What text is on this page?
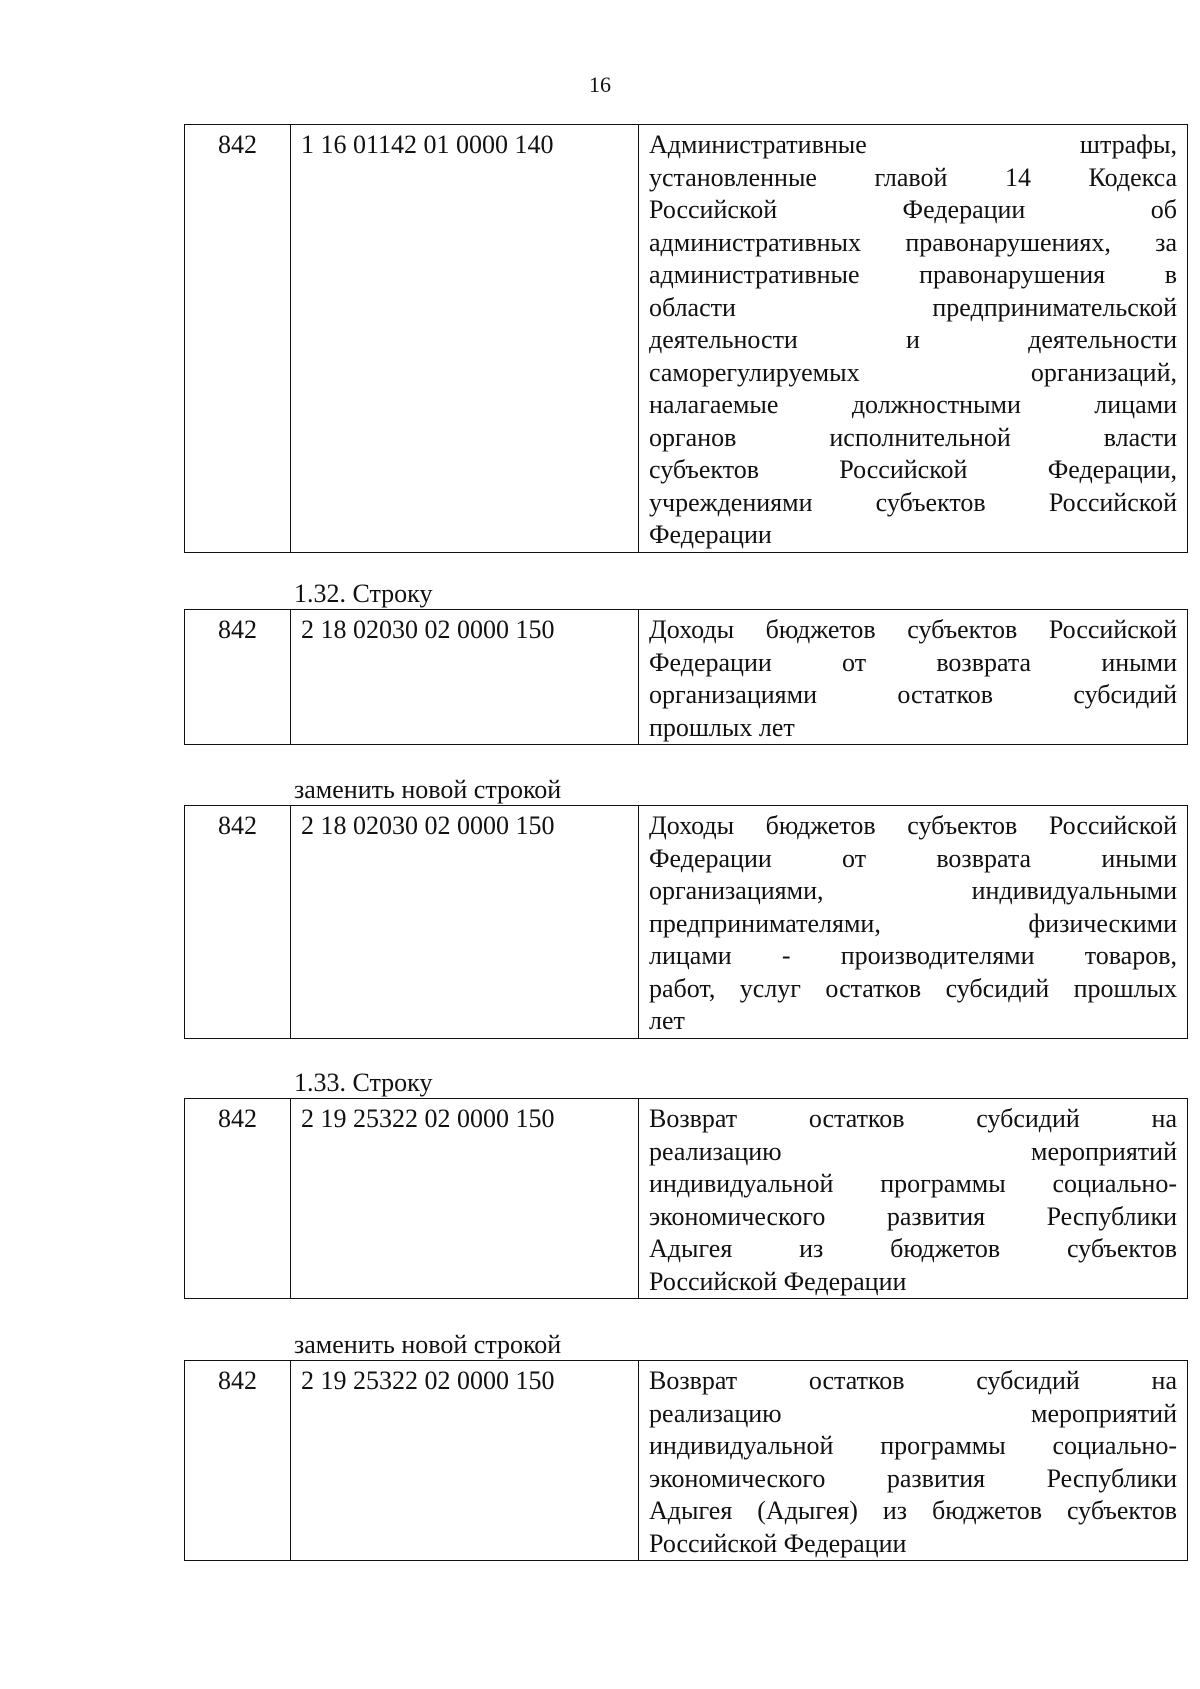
16
842	1 16 01142 01 0000 140	Административные штрафы,
установленные главой 14 Кодекса
Российской Федерации об
административных правонарушениях, за
административные правонарушения в
области предпринимательской
деятельности и деятельности
саморегулируемых организаций,
налагаемые должностными лицами
органов исполнительной власти
субъектов Российской Федерации,
учреждениями субъектов Российской
Федерации
1.32. Строку
842	2 18 02030 02 0000 150	Доходы бюджетов субъектов Российской
Федерации от возврата иными
организациями остатков субсидий
прошлых лет
заменить новой строкой
842	2 18 02030 02 0000 150	Доходы бюджетов субъектов Российской
Федерации от возврата иными
организациями, индивидуальными
предпринимателями, физическими
лицами - производителями товаров,
работ, услуг остатков субсидий прошлых
лет
1.33. Строку
842	2 19 25322 02 0000 150	Возврат остатков субсидий на
реализацию мероприятий
индивидуальной программы социально-
экономического развития Республики
Адыгея из бюджетов субъектов
Российской Федерации
заменить новой строкой
842	2 19 25322 02 0000 150	Возврат остатков субсидий на
реализацию мероприятий
индивидуальной программы социально-
экономического развития Республики
Адыгея (Адыгея) из бюджетов субъектов
Российской Федерации
